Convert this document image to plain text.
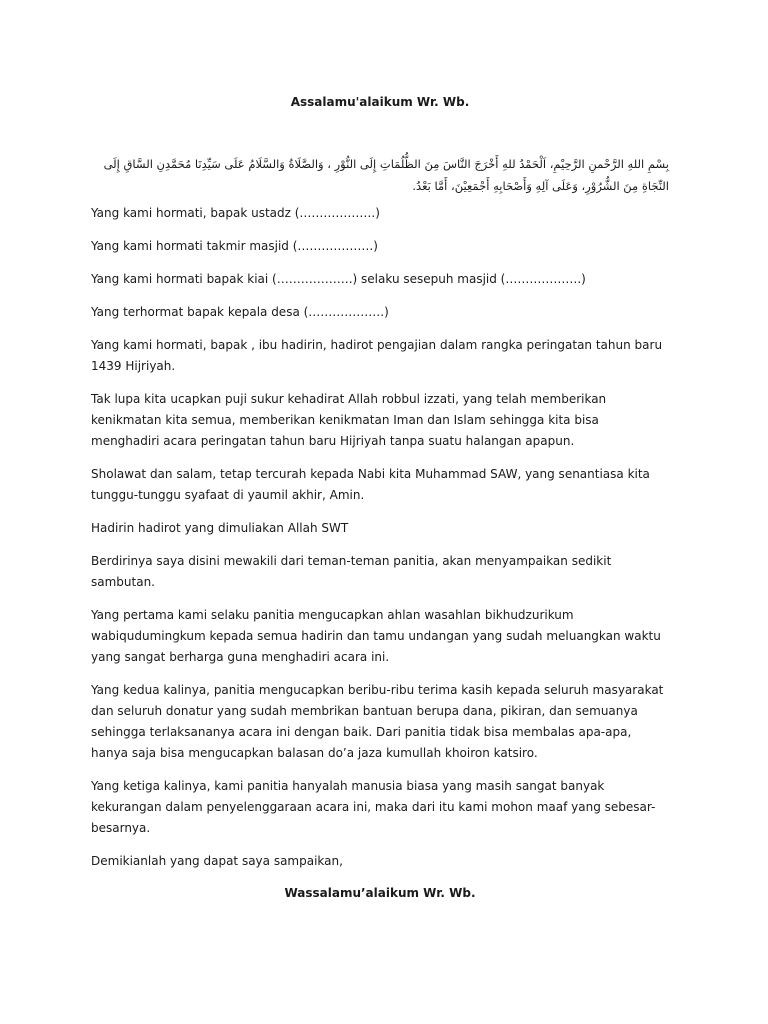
Assalamu'alaikum Wr. Wb.

بِسْمِ اللهِ الرَّحْمنِ الرَّحِيْمِ، اَلْحَمْدُ للهِ أَخْرَجَ النَّاسَ مِنَ الظُّلُمَاتِ إِلَى النُّوْرِ ، وَالصَّلَاةُ وَالسَّلَامُ عَلَى سَيِّدِنَا مُحَمَّدِنِ السَّاقِ إِلَى النِّجَاةِ مِنَ الشُّرُوْرِ، وَعَلَى آلِهِ وَأَصْحَابِهِ أَجْمَعِيْنَ، أَمَّا بَعْدُ.

Yang kami hormati, bapak ustadz (……………….)

Yang kami hormati takmir masjid (……………….)

Yang kami hormati bapak kiai (……………….) selaku sesepuh masjid (……………….)

Yang terhormat bapak kepala desa (……………….)

Yang kami hormati, bapak , ibu hadirin, hadirot pengajian dalam rangka peringatan tahun baru 1439 Hijriyah.

Tak lupa kita ucapkan puji sukur kehadirat Allah robbul izzati, yang telah memberikan kenikmatan kita semua, memberikan kenikmatan Iman dan Islam sehingga kita bisa menghadiri acara peringatan tahun baru Hijriyah tanpa suatu halangan apapun.

Sholawat dan salam, tetap tercurah kepada Nabi kita Muhammad SAW, yang senantiasa kita tunggu-tunggu syafaat di yaumil akhir, Amin.

Hadirin hadirot yang dimuliakan Allah SWT

Berdirinya saya disini mewakili dari teman-teman panitia, akan menyampaikan sedikit sambutan.

Yang pertama kami selaku panitia mengucapkan ahlan wasahlan bikhudzurikum wabiqudumingkum kepada semua hadirin dan tamu undangan yang sudah meluangkan waktu yang sangat berharga guna menghadiri acara ini.

Yang kedua kalinya, panitia mengucapkan beribu-ribu terima kasih kepada seluruh masyarakat dan seluruh donatur yang sudah membrikan bantuan berupa dana, pikiran, dan semuanya sehingga terlaksananya acara ini dengan baik. Dari panitia tidak bisa membalas apa-apa, hanya saja bisa mengucapkan balasan do’a jaza kumullah khoiron katsiro.

Yang ketiga kalinya, kami panitia hanyalah manusia biasa yang masih sangat banyak kekurangan dalam penyelenggaraan acara ini, maka dari itu kami mohon maaf yang sebesar-besarnya.

Demikianlah yang dapat saya sampaikan,

Wassalamu’alaikum Wr. Wb.
